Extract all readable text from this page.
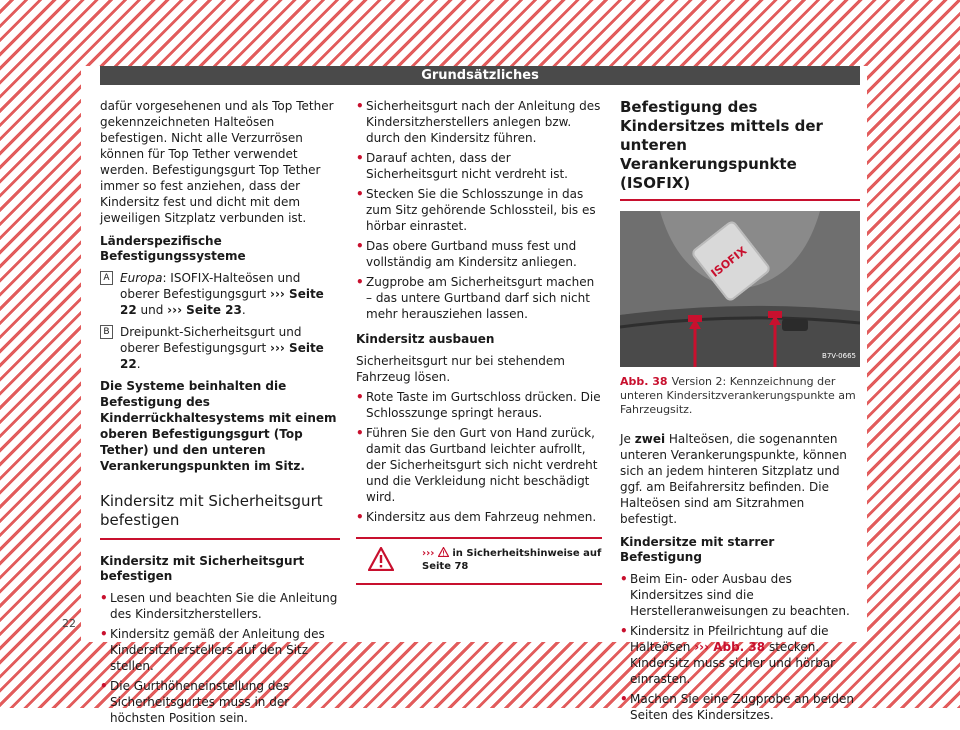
Grundsätzliches

dafür vorgesehenen und als Top Tether gekennzeichneten Halteösen befestigen. Nicht alle Verzurrösen können für Top Tether verwendet werden. Befestigungsgurt Top Tether immer so fest anziehen, dass der Kindersitz fest und dicht mit dem jeweiligen Sitzplatz verbunden ist.

Länderspezifische Befestigungssysteme

A Europa: ISOFIX-Halteösen und oberer Befestigungsgurt ››› Seite 22 und ››› Seite 23.
B Dreipunkt-Sicherheitsgurt und oberer Befestigungsgurt ››› Seite 22.

Die Systeme beinhalten die Befestigung des Kinderrückhaltesystems mit einem oberen Befestigungsgurt (Top Tether) und den unteren Verankerungspunkten im Sitz.

Kindersitz mit Sicherheitsgurt befestigen

Kindersitz mit Sicherheitsgurt befestigen

• Lesen und beachten Sie die Anleitung des Kindersitzherstellers.
• Kindersitz gemäß der Anleitung des Kindersitzherstellers auf den Sitz stellen.
• Die Gurthöheneinstellung des Sicherheitsgurtes muss in der höchsten Position sein.
• Sicherheitsgurt nach der Anleitung des Kindersitzherstellers anlegen bzw. durch den Kindersitz führen.
• Darauf achten, dass der Sicherheitsgurt nicht verdreht ist.
• Stecken Sie die Schlosszunge in das zum Sitz gehörende Schlossteil, bis es hörbar einrastet.
• Das obere Gurtband muss fest und vollständig am Kindersitz anliegen.
• Zugprobe am Sicherheitsgurt machen – das untere Gurtband darf sich nicht mehr herausziehen lassen.

Kindersitz ausbauen

Sicherheitsgurt nur bei stehendem Fahrzeug lösen.

• Rote Taste im Gurtschloss drücken. Die Schlosszunge springt heraus.
• Führen Sie den Gurt von Hand zurück, damit das Gurtband leichter aufrollt, der Sicherheitsgurt sich nicht verdreht und die Verkleidung nicht beschädigt wird.
• Kindersitz aus dem Fahrzeug nehmen.
›››  in Sicherheitshinweise auf
Seite 78
Befestigung des Kindersitzes mittels der unteren Verankerungspunkte (ISOFIX)
ISOFIX
B7V-0665

Abb. 38 Version 2: Kennzeichnung der unteren Kindersitzverankerungspunkte am Fahrzeugsitz.

Je zwei Halteösen, die sogenannten unteren Verankerungspunkte, können sich an jedem hinteren Sitzplatz und ggf. am Beifahrersitz befinden. Die Halteösen sind am Sitzrahmen befestigt.

Kindersitze mit starrer Befestigung

• Beim Ein- oder Ausbau des Kindersitzes sind die Herstelleranweisungen zu beachten.
• Kindersitz in Pfeilrichtung auf die Halteösen ››› Abb. 38 stecken. Kindersitz muss sicher und hörbar einrasten.
• Machen Sie eine Zugprobe an beiden Seiten des Kindersitzes.
22
